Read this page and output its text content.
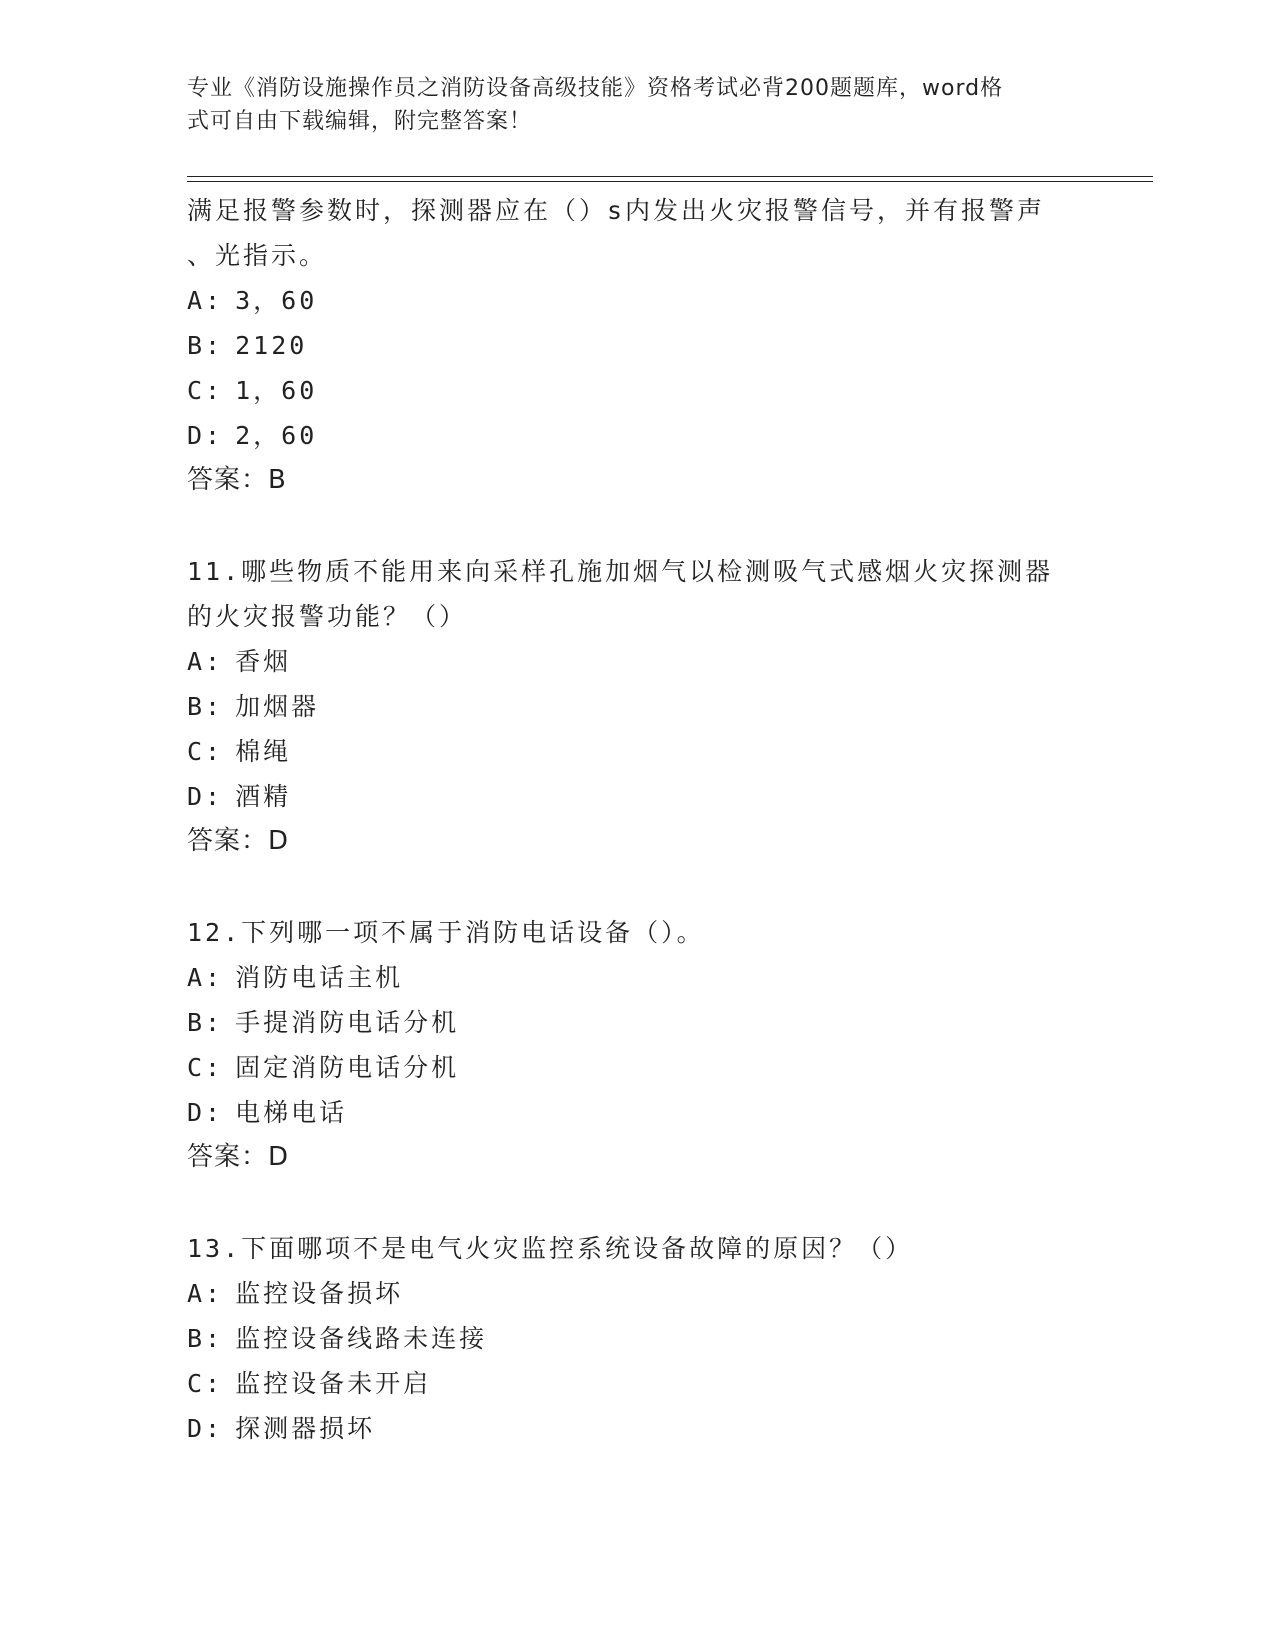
专业《消防设施操作员之消防设备高级技能》资格考试必背200题题库，word格
式可自由下载编辑，附完整答案！

满足报警参数时，探测器应在（）s内发出火灾报警信号，并有报警声

、光指示。

A: 3，60

B: 2120

C: 1，60

D: 2，60

答案：B

11.哪些物质不能用来向采样孔施加烟气以检测吸气式感烟火灾探测器

的火灾报警功能？（）

A: 香烟

B: 加烟器

C: 棉绳

D: 酒精

答案：D

12.下列哪一项不属于消防电话设备（）。

A: 消防电话主机

B: 手提消防电话分机

C: 固定消防电话分机

D: 电梯电话

答案：D

13.下面哪项不是电气火灾监控系统设备故障的原因？（）

A: 监控设备损坏

B: 监控设备线路未连接

C: 监控设备未开启

D: 探测器损坏
